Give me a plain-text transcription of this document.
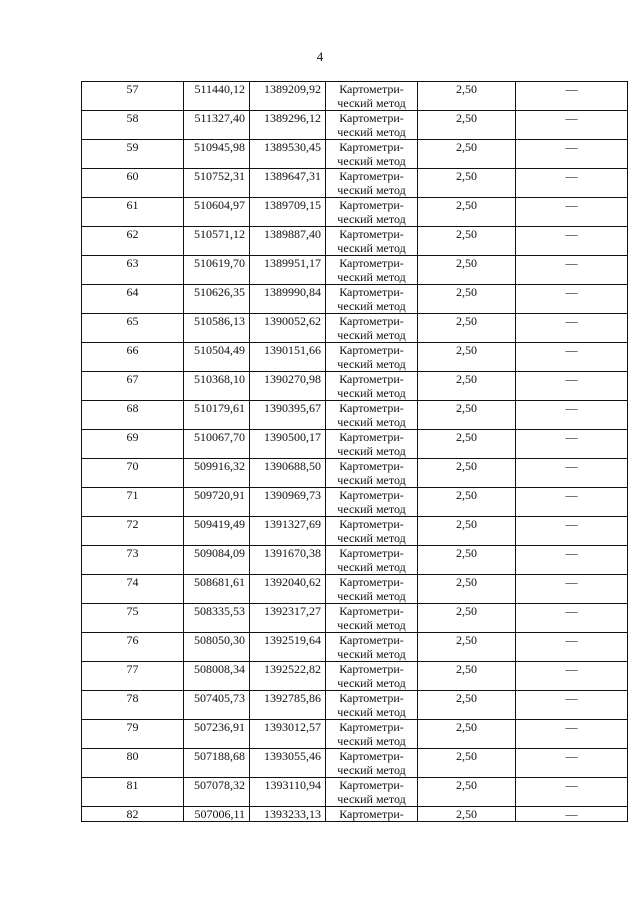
4
57	511440,12	1389209,92	Картометри-
ческий метод	2,50	—
58	511327,40	1389296,12	Картометри-
ческий метод	2,50	—
59	510945,98	1389530,45	Картометри-
ческий метод	2,50	—
60	510752,31	1389647,31	Картометри-
ческий метод	2,50	—
61	510604,97	1389709,15	Картометри-
ческий метод	2,50	—
62	510571,12	1389887,40	Картометри-
ческий метод	2,50	—
63	510619,70	1389951,17	Картометри-
ческий метод	2,50	—
64	510626,35	1389990,84	Картометри-
ческий метод	2,50	—
65	510586,13	1390052,62	Картометри-
ческий метод	2,50	—
66	510504,49	1390151,66	Картометри-
ческий метод	2,50	—
67	510368,10	1390270,98	Картометри-
ческий метод	2,50	—
68	510179,61	1390395,67	Картометри-
ческий метод	2,50	—
69	510067,70	1390500,17	Картометри-
ческий метод	2,50	—
70	509916,32	1390688,50	Картометри-
ческий метод	2,50	—
71	509720,91	1390969,73	Картометри-
ческий метод	2,50	—
72	509419,49	1391327,69	Картометри-
ческий метод	2,50	—
73	509084,09	1391670,38	Картометри-
ческий метод	2,50	—
74	508681,61	1392040,62	Картометри-
ческий метод	2,50	—
75	508335,53	1392317,27	Картометри-
ческий метод	2,50	—
76	508050,30	1392519,64	Картометри-
ческий метод	2,50	—
77	508008,34	1392522,82	Картометри-
ческий метод	2,50	—
78	507405,73	1392785,86	Картометри-
ческий метод	2,50	—
79	507236,91	1393012,57	Картометри-
ческий метод	2,50	—
80	507188,68	1393055,46	Картометри-
ческий метод	2,50	—
81	507078,32	1393110,94	Картометри-
ческий метод	2,50	—
82	507006,11	1393233,13	Картометри-	2,50	—
